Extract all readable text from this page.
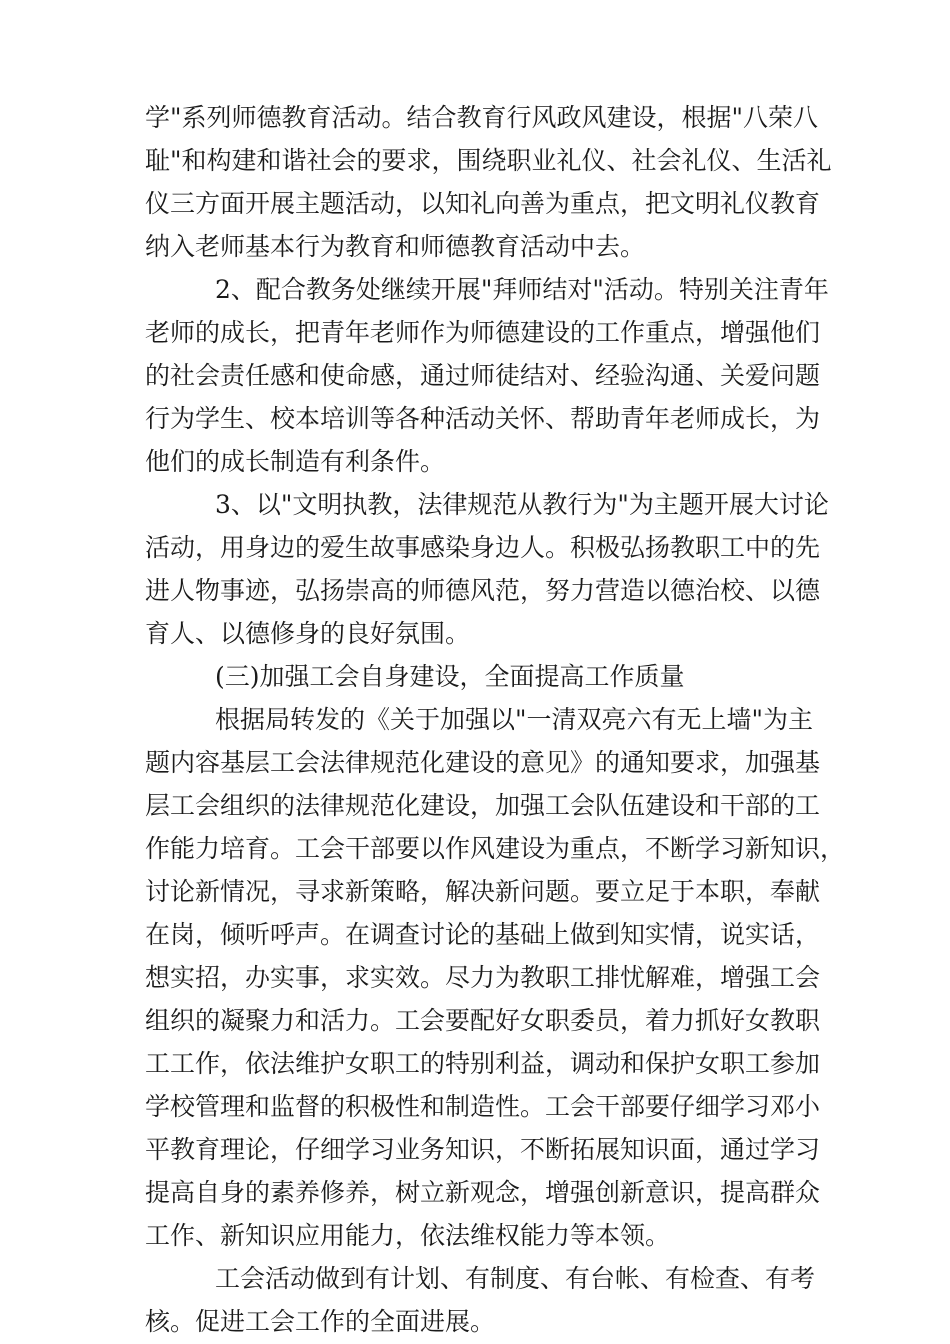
学"系列师德教育活动。结合教育行风政风建设，根据"八荣八
耻"和构建和谐社会的要求，围绕职业礼仪、社会礼仪、生活礼
仪三方面开展主题活动，以知礼向善为重点，把文明礼仪教育
纳入老师基本行为教育和师德教育活动中去。
2、配合教务处继续开展"拜师结对"活动。特别关注青年
老师的成长，把青年老师作为师德建设的工作重点，增强他们
的社会责任感和使命感，通过师徒结对、经验沟通、关爱问题
行为学生、校本培训等各种活动关怀、帮助青年老师成长，为
他们的成长制造有利条件。
3、以"文明执教，法律规范从教行为"为主题开展大讨论
活动，用身边的爱生故事感染身边人。积极弘扬教职工中的先
进人物事迹，弘扬崇高的师德风范，努力营造以德治校、以德
育人、以德修身的良好氛围。
(三)加强工会自身建设，全面提高工作质量
根据局转发的《关于加强以"一清双亮六有无上墙"为主
题内容基层工会法律规范化建设的意见》的通知要求，加强基
层工会组织的法律规范化建设，加强工会队伍建设和干部的工
作能力培育。工会干部要以作风建设为重点，不断学习新知识，
讨论新情况，寻求新策略，解决新问题。要立足于本职，奉献
在岗，倾听呼声。在调查讨论的基础上做到知实情，说实话，
想实招，办实事，求实效。尽力为教职工排忧解难，增强工会
组织的凝聚力和活力。工会要配好女职委员，着力抓好女教职
工工作，依法维护女职工的特别利益，调动和保护女职工参加
学校管理和监督的积极性和制造性。工会干部要仔细学习邓小
平教育理论，仔细学习业务知识，不断拓展知识面，通过学习
提高自身的素养修养，树立新观念，增强创新意识，提高群众
工作、新知识应用能力，依法维权能力等本领。
工会活动做到有计划、有制度、有台帐、有检查、有考
核。促进工会工作的全面进展。
